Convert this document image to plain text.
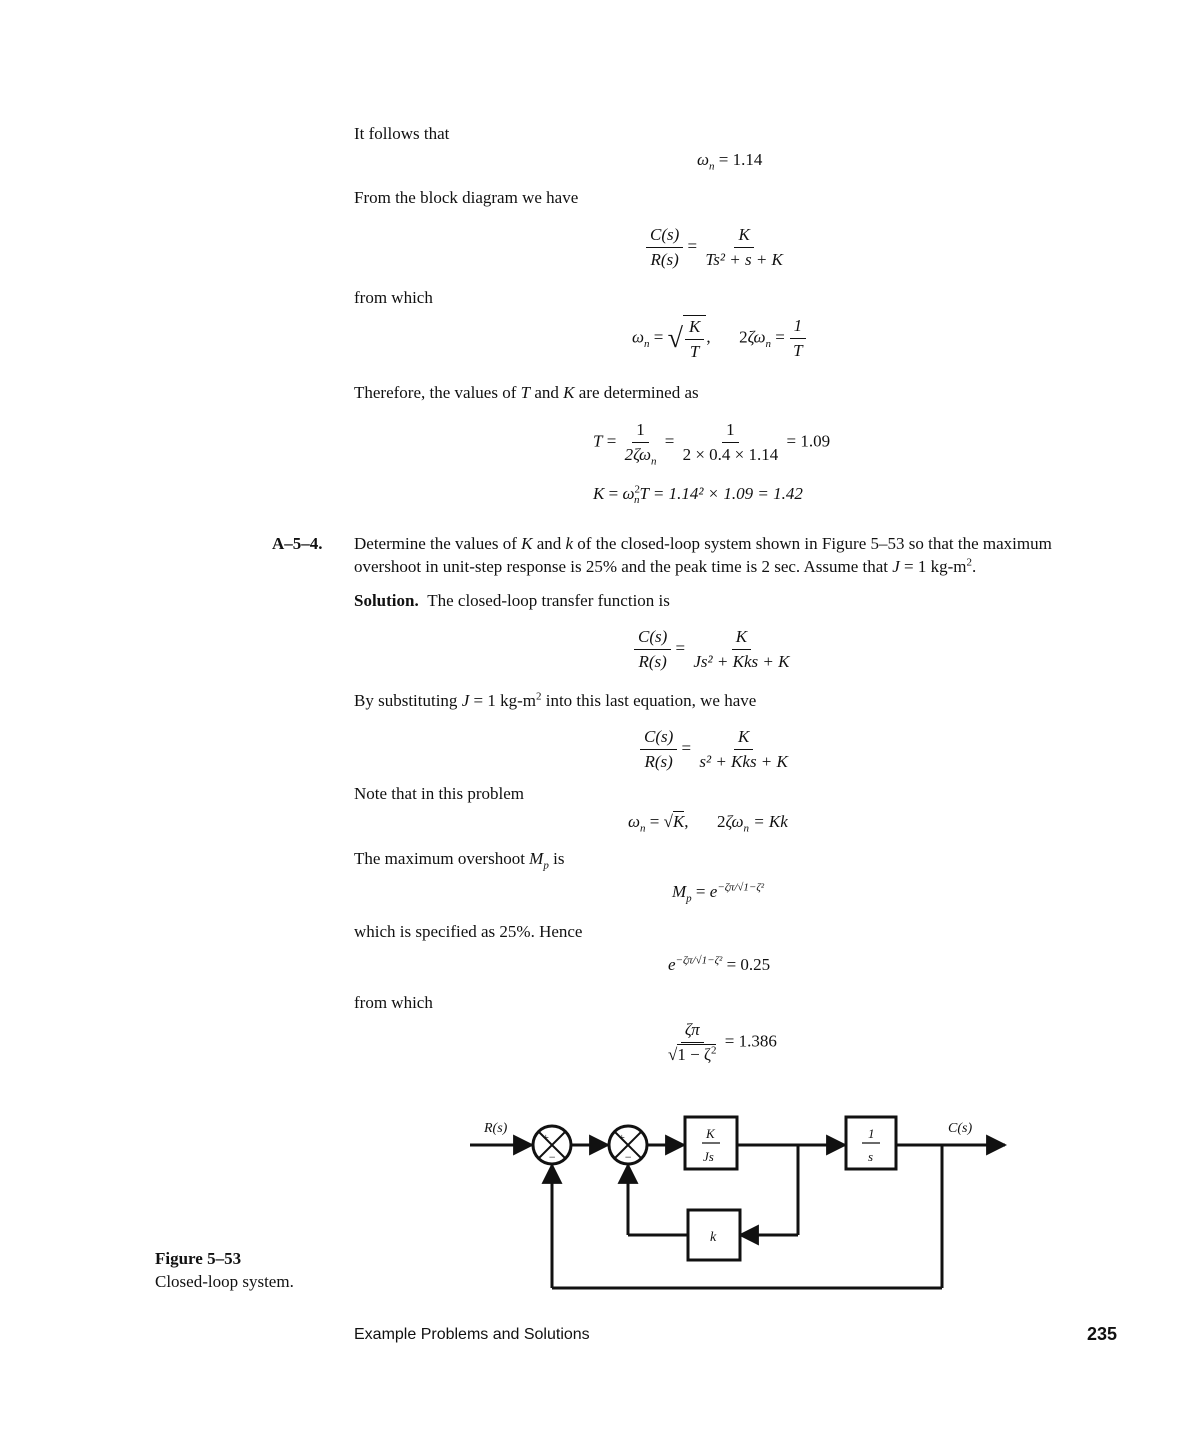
It follows that
$\omega_n = 1.14$
From the block diagram we have
$\frac{C(s)}{R(s)} = \frac{K}{\text{Ts² + s + K}}$
from which
$\omega_n$ = √ $\frac{K}{T}$ ,  $2\zeta\omega_n = \frac{1}{T}$
Therefore, the values of T and K are determined as
$T = \frac{1}{2\zeta\omega_n} = \frac{1}{2 \times 0.4 \times 1.14} = 1.09$
$K = \omega^2_nT = 1.14^2 \times 1.09 = 1.42$
A–5–4. Determine the values of K and k of the closed-loop system shown in Figure 5–53 so that the maximum
overshoot in unit-step response is 25% and the peak time is 2 sec. Assume that J = 1 $kg-m^2$.
Solution. The closed-loop transfer function is
$\frac{C(s)}{R(s)} = \frac{K}{\text{Js² + Kks + K}}$
By substituting J = 1 $kg-m^2$ into this last equation, we have
$\frac{C(s)}{R(s)} = \frac{K}{\text{s² + Kks + K}}$
Note that in this problem
$\omega_n = √K$,  $2\zeta\omega_n = Kk$
The maximum overshoot $M_p$ is
$M_p = e^{-\zeta\pi/√1-\zeta^2}$
which is specified as 25%. Hence
$e^{-\zeta\pi/√1-\zeta^2} = 0.25$
from which
$\frac{\zeta\pi}{√1 - \zeta^2} = 1.386$
+
−
+
−
R(s)	C(s)
K
Js
1
s
k
Figure 5–53
Closed-loop system.
Example Problems and Solutions	235
